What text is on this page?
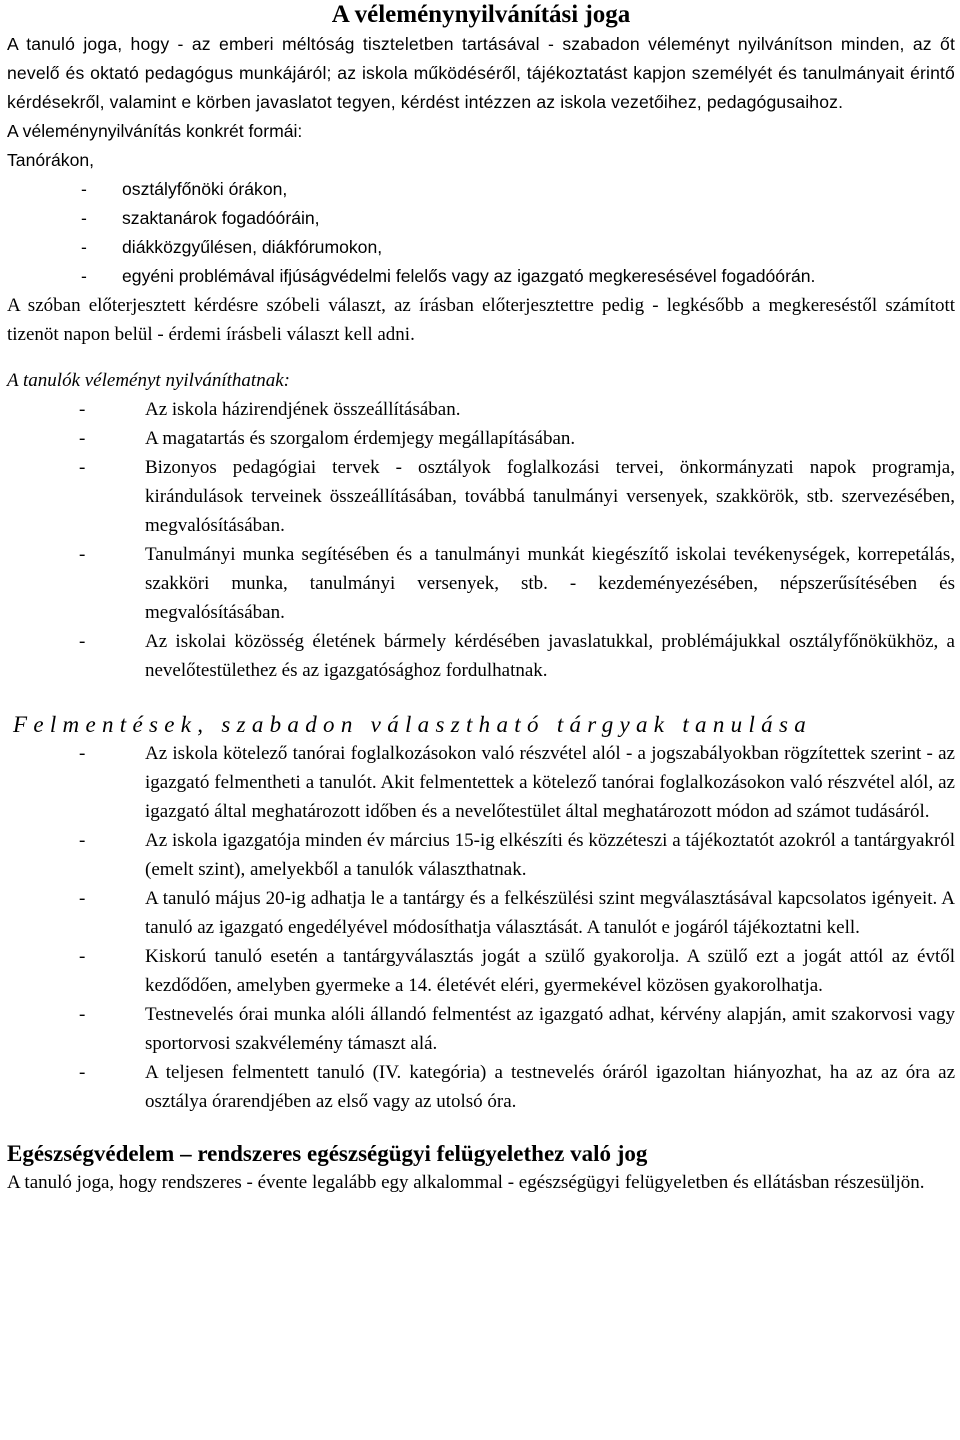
A véleménynyilvánítási joga

A tanuló joga, hogy - az emberi méltóság tiszteletben tartásával - szabadon véleményt nyilvánítson minden, az őt nevelő és oktató pedagógus munkájáról; az iskola működéséről, tájékoztatást kapjon személyét és tanulmányait érintő kérdésekről, valamint e körben javaslatot tegyen, kérdést intézzen az iskola vezetőihez, pedagógusaihoz.

A véleménynyilvánítás konkrét formái:

Tanórákon,

- osztályfőnöki órákon,
- szaktanárok fogadóóráin,
- diákközgyűlésen, diákfórumokon,
- egyéni problémával ifjúságvédelmi felelős vagy az igazgató megkeresésével fogadóórán.

A szóban előterjesztett kérdésre szóbeli választ, az írásban előterjesztettre pedig - legkésőbb a megkereséstől számított tizenöt napon belül - érdemi írásbeli választ kell adni.

A tanulók véleményt nyilváníthatnak:

-	Az iskola házirendjének összeállításában.
-	A magatartás és szorgalom érdemjegy megállapításában.
-	Bizonyos pedagógiai tervek - osztályok foglalkozási tervei, önkormányzati napok programja, kirándulások terveinek összeállításában, továbbá tanulmányi versenyek, szakkörök, stb. szervezésében, megvalósításában.
-	Tanulmányi munka segítésében és a tanulmányi munkát kiegészítő iskolai tevékenységek, korrepetálás, szakköri munka, tanulmányi versenyek, stb. - kezdeményezésében, népszerűsítésében és megvalósításában.
-	Az iskolai közösség életének bármely kérdésében javaslatukkal, problémájukkal osztályfőnökükhöz, a nevelőtestülethez és az igazgatósághoz fordulhatnak.

Felmentések, szabadon választható tárgyak tanulása

-	Az iskola kötelező tanórai foglalkozásokon való részvétel alól - a jogszabályokban rögzítettek szerint - az igazgató felmentheti a tanulót. Akit felmentettek a kötelező tanórai foglalkozásokon való részvétel alól, az igazgató által meghatározott időben és a nevelőtestület által meghatározott módon ad számot tudásáról.
-	Az iskola igazgatója minden év március 15-ig elkészíti és közzéteszi a tájékoztatót azokról a tantárgyakról (emelt szint), amelyekből a tanulók választhatnak.
-	A tanuló május 20-ig adhatja le a tantárgy és a felkészülési szint megválasztásával kapcsolatos igényeit. A tanuló az igazgató engedélyével módosíthatja választását. A tanulót e jogáról tájékoztatni kell.
-	Kiskorú tanuló esetén a tantárgyválasztás jogát a szülő gyakorolja. A szülő ezt a jogát attól az évtől kezdődően, amelyben gyermeke a 14. életévét eléri, gyermekével közösen gyakorolhatja.
-	Testnevelés órai munka alóli állandó felmentést az igazgató adhat, kérvény alapján, amit szakorvosi vagy sportorvosi szakvélemény támaszt alá.
-	A teljesen felmentett tanuló (IV. kategória) a testnevelés óráról igazoltan hiányozhat, ha az az óra az osztálya órarendjében az első vagy az utolsó óra.

Egészségvédelem – rendszeres egészségügyi felügyelethez való jog

A tanuló joga, hogy rendszeres - évente legalább egy alkalommal - egészségügyi felügyeletben és ellátásban részesüljön.
